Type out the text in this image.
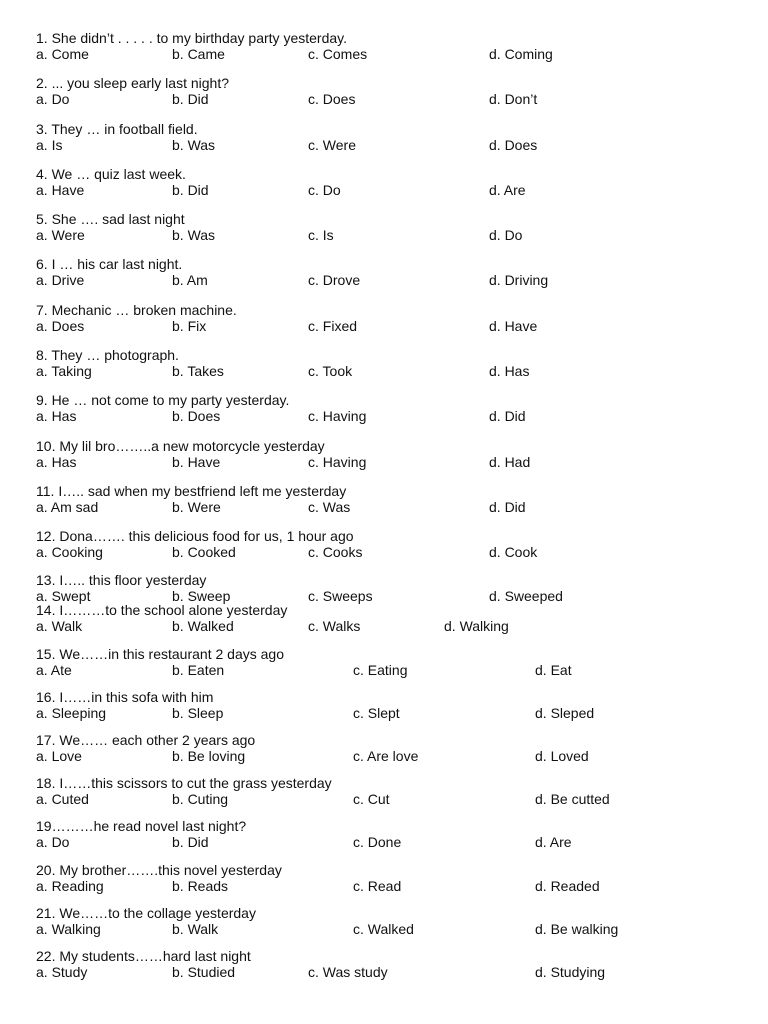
1. She didn’t . . . . . to my birthday party yesterday.
a. Come	b. Came	c. Comes	d. Coming
2. ... you sleep early last night?
a. Do	b. Did	c. Does	d. Don’t
3. They … in football field.
a. Is	b. Was	c. Were	d. Does
4. We … quiz last week.
a. Have	b. Did	c. Do	d. Are
5. She …. sad last night
a. Were	b. Was	c. Is	d. Do
6. I … his car last night.
a. Drive	b. Am	c. Drove	d. Driving
7. Mechanic … broken machine.
a. Does	b. Fix	c. Fixed	d. Have
8. They … photograph.
a. Taking	b. Takes	c. Took	d. Has
9. He … not come to my party yesterday.
a. Has	b. Does	c. Having	d. Did
10. My lil bro……..a new motorcycle yesterday
a. Has	b. Have	c. Having	d. Had
11. I….. sad when my bestfriend left me yesterday
a. Am sad	b. Were	c. Was	d. Did
12. Dona……. this delicious food for us, 1 hour ago
a. Cooking	b. Cooked	c. Cooks	d. Cook
13. I….. this floor yesterday
a. Swept	b. Sweep	c. Sweeps	d. Sweeped
14. I………to the school alone yesterday
a. Walk	b. Walked	c. Walks	d. Walking
15. We……in this restaurant 2 days ago
a. Ate	b. Eaten	c. Eating	d. Eat
16. I……in this sofa with him
a. Sleeping	b. Sleep	c. Slept	d. Sleped
17. We…… each other 2 years ago
a. Love	b. Be loving	c. Are love	d. Loved
18. I……this scissors to cut the grass yesterday
a. Cuted	b. Cuting	c. Cut	d. Be cutted
19………he read novel last night?
a. Do	b. Did	c. Done	d. Are
20. My brother…….this novel yesterday
a. Reading	b. Reads	c. Read	d. Readed
21. We……to the collage yesterday
a. Walking	b. Walk	c. Walked	d. Be walking
22. My students……hard last night
a. Study	b. Studied	c. Was study	d. Studying
